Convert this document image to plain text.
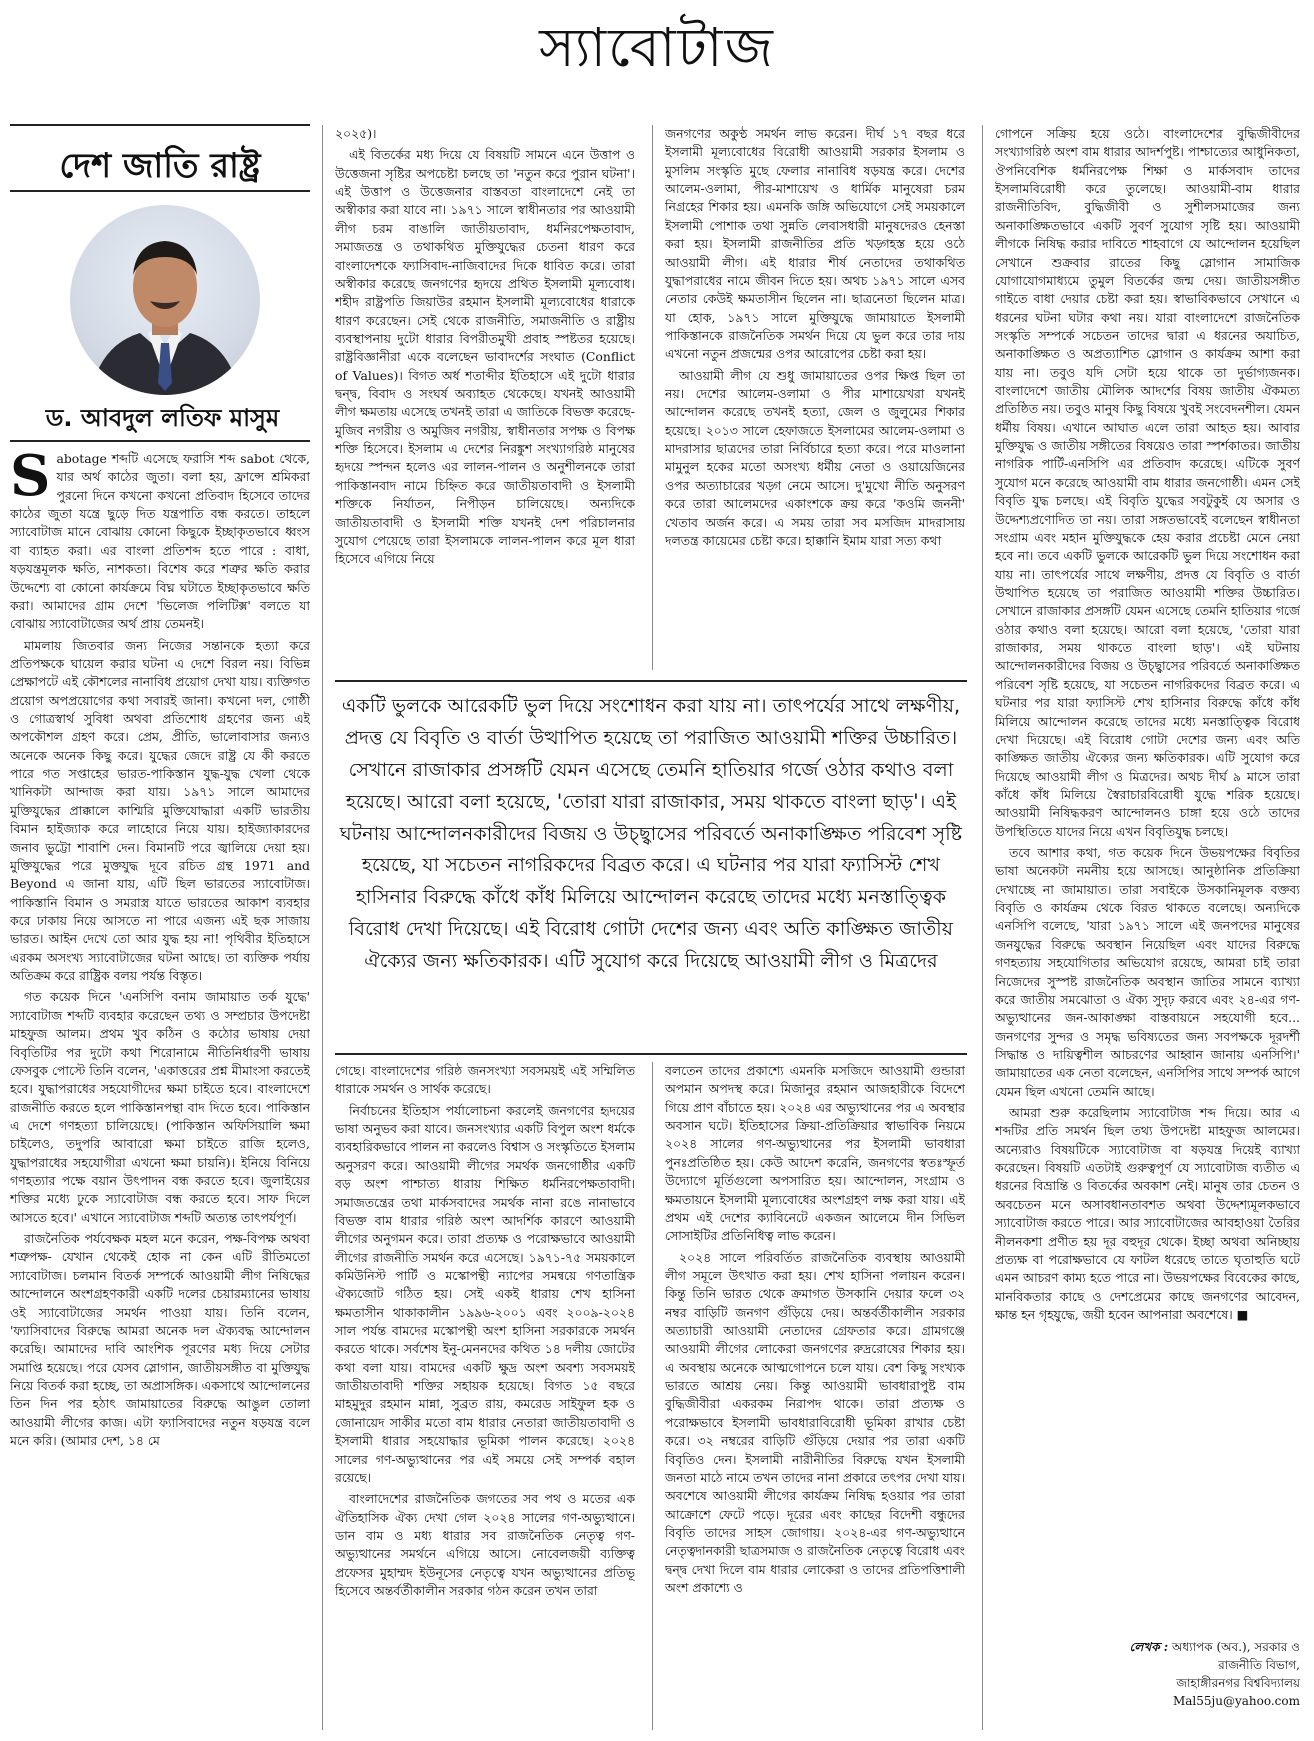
স্যাবোটাজ
দেশ জাতি রাষ্ট্র
ড. আবদুল লতিফ মাসুম

Sabotage শব্দটি এসেছে ফরাসি শব্দ sabot থেকে, যার অর্থ কাঠের জুতা। বলা হয়, ফ্রান্সে শ্রমিকরা পুরনো দিনে কখনো কখনো প্রতিবাদ হিসেবে তাদের কাঠের জুতা যন্ত্রে ছুড়ে দিত যন্ত্রপাতি বন্ধ করতে। তাহলে স্যাবোটাজ মানে বোঝায় কোনো কিছুকে ইচ্ছাকৃতভাবে ধ্বংস বা ব্যাহত করা। এর বাংলা প্রতিশব্দ হতে পারে : বাধা, ষড়যন্ত্রমূলক ক্ষতি, নাশকতা। বিশেষ করে শত্রুর ক্ষতি করার উদ্দেশ্যে বা কোনো কার্যক্রমে বিঘ্ন ঘটাতে ইচ্ছাকৃতভাবে ক্ষতি করা। আমাদের গ্রাম দেশে 'ভিলেজ পলিটিক্স' বলতে যা বোঝায় স্যাবোটাজের অর্থ প্রায় তেমনই।

মামলায় জিতবার জন্য নিজের সন্তানকে হত্যা করে প্রতিপক্ষকে ঘায়েল করার ঘটনা এ দেশে বিরল নয়। বিভিন্ন প্রেক্ষাপটে এই কৌশলের নানাবিধ প্রয়োগ দেখা যায়। ব্যক্তিগত প্রয়োগ অপপ্রয়োগের কথা সবারই জানা। কখনো দল, গোষ্ঠী ও গোত্রস্বার্থ সুবিধা অথবা প্রতিশোধ গ্রহণের জন্য এই অপকৌশল গ্রহণ করে। প্রেম, প্রীতি, ভালোবাসার জন্যও অনেকে অনেক কিছু করে। যুদ্ধের জেদে রাষ্ট্র যে কী করতে পারে গত সপ্তাহের ভারত-পাকিস্তান যুদ্ধ-যুদ্ধ খেলা থেকে খানিকটা আন্দাজ করা যায়। ১৯৭১ সালে আমাদের মুক্তিযুদ্ধের প্রাক্কালে কাশ্মিরি মুক্তিযোদ্ধারা একটি ভারতীয় বিমান হাইজ্যাক করে লাহোরে নিয়ে যায়। হাইজ্যাকারদের জনাব ভুট্টো শাবাশি দেন। বিমানটি পরে জ্বালিয়ে দেয়া হয়। মুক্তিযুদ্ধের পরে মুক্তযুদ্ধ দূবে রচিত গ্রন্থ 1971 and Beyond এ জানা যায়, এটি ছিল ভারতের স্যাবোটাজ। পাকিস্তানি বিমান ও সমরাস্ত্র যাতে ভারতের আকাশ ব্যবহার করে ঢাকায় নিয়ে আসতে না পারে এজন্য এই ছক সাজায় ভারত। আইন দেখে তো আর যুদ্ধ হয় না! পৃথিবীর ইতিহাসে এরকম অসংখ্য স্যাবোটাজের ঘটনা আছে। তা ব্যক্তিক পর্যায় অতিক্রম করে রাষ্ট্রিক বলয় পর্যন্ত বিস্তৃত।

গত কয়েক দিনে 'এনসিপি বনাম জামায়াত তর্ক যুদ্ধে' স্যাবোটাজ শব্দটি ব্যবহার করেছেন তথ্য ও সম্প্রচার উপদেষ্টা মাহফুজ আলম। প্রথম খুব কঠিন ও কঠোর ভাষায় দেয়া বিবৃতিটির পর দুটো কথা শিরোনামে নীতিনির্ধারণী ভাষায় ফেসবুক পোস্টে তিনি বলেন, 'একাত্তরের প্রশ্ন মীমাংসা করতেই হবে। যুদ্ধাপরাধের সহযোগীদের ক্ষমা চাইতে হবে। বাংলাদেশে রাজনীতি করতে হলে পাকিস্তানপন্থা বাদ দিতে হবে। পাকিস্তান এ দেশে গণহত্যা চালিয়েছে। (পাকিস্তান অফিসিয়ালি ক্ষমা চাইলেও, তদুপরি আবারো ক্ষমা চাইতে রাজি হলেও, যুদ্ধাপরাধের সহযোগীরা এখনো ক্ষমা চায়নি)। ইনিয়ে বিনিয়ে গণহত্যার পক্ষে বয়ান উৎপাদন বন্ধ করতে হবে। জুলাইয়ের শক্তির মধ্যে ঢুকে স্যাবোটাজ বন্ধ করতে হবে। সাফ দিলে আসতে হবে।' এখানে স্যাবোটাজ শব্দটি অত্যন্ত তাৎপর্যপূর্ণ।

রাজনৈতিক পর্যবেক্ষক মহল মনে করেন, পক্ষ-বিপক্ষ অথবা শত্রুপক্ষ- যেখান থেকেই হোক না কেন এটি রীতিমতো স্যাবোটাজ। চলমান বিতর্ক সম্পর্কে আওয়ামী লীগ নিষিদ্ধের আন্দোলনে অংশগ্রহণকারী একটি দলের চেয়ারম্যানের ভাষায় ওই স্যাবোটাজের সমর্থন পাওয়া যায়। তিনি বলেন, 'ফ্যাসিবাদের বিরুদ্ধে আমরা অনেক দল ঐক্যবদ্ধ আন্দোলন করেছি। আমাদের দাবি আংশিক পূরণের মধ্য দিয়ে সেটার সমাপ্তি হয়েছে। পরে যেসব স্লোগান, জাতীয়সঙ্গীত বা মুক্তিযুদ্ধ নিয়ে বিতর্ক করা হচ্ছে, তা অপ্রাসঙ্গিক। একসাথে আন্দোলনের তিন দিন পর হঠাৎ জামায়াতের বিরুদ্ধে আঙুল তোলা আওয়ামী লীগের কাজ। এটা ফ্যাসিবাদের নতুন ষড়যন্ত্র বলে মনে করি। (আমার দেশ, ১৪ মে

২০২৫)।

এই বিতর্কের মধ্য দিয়ে যে বিষয়টি সামনে এনে উত্তাপ ও উত্তেজনা সৃষ্টির অপচেষ্টা চলছে তা 'নতুন করে পুরান ঘটনা'। এই উত্তাপ ও উত্তেজনার বাস্তবতা বাংলাদেশে নেই তা অস্বীকার করা যাবে না। ১৯৭১ সালে স্বাধীনতার পর আওয়ামী লীগ চরম বাঙালি জাতীয়তাবাদ, ধর্মনিরপেক্ষতাবাদ, সমাজতন্ত্র ও তথাকথিত মুক্তিযুদ্ধের চেতনা ধারণ করে বাংলাদেশকে ফ্যাসিবাদ-নাজিবাদের দিকে ধাবিত করে। তারা অস্বীকার করেছে জনগণের হৃদয়ে প্রথিত ইসলামী মূল্যবোধ। শহীদ রাষ্ট্রপতি জিয়াউর রহমান ইসলামী মূল্যবোধের ধারাকে ধারণ করেছেন। সেই থেকে রাজনীতি, সমাজনীতি ও রাষ্ট্রীয় ব্যবস্থাপনায় দুটো ধারার বিপরীতমুখী প্রবাহ স্পষ্টতর হয়েছে। রাষ্ট্রবিজ্ঞানীরা একে বলেছেন ভাবাদর্শের সংঘাত (Conflict of Values)। বিগত অর্ধ শতাব্দীর ইতিহাসে এই দুটো ধারার দ্বন্দ্ব, বিবাদ ও সংঘর্ষ অব্যাহত থেকেছে। যখনই আওয়ামী লীগ ক্ষমতায় এসেছে তখনই তারা এ জাতিকে বিভক্ত করেছে- মুজিব নগরীয় ও অমুজিব নগরীয়, স্বাধীনতার সপক্ষ ও বিপক্ষ শক্তি হিসেবে। ইসলাম এ দেশের নিরঙ্কুশ সংখ্যাগরিষ্ঠ মানুষের হৃদয়ে স্পন্দন হলেও এর লালন-পালন ও অনুশীলনকে তারা পাকিস্তানবাদ নামে চিহ্নিত করে জাতীয়তাবাদী ও ইসলামী শক্তিকে নির্যাতন, নিপীড়ন চালিয়েছে। অন্যদিকে জাতীয়তাবাদী ও ইসলামী শক্তি যখনই দেশ পরিচালনার সুযোগ পেয়েছে তারা ইসলামকে লালন-পালন করে মূল ধারা হিসেবে এগিয়ে নিয়ে

জনগণের অকুণ্ঠ সমর্থন লাভ করেন। দীর্ঘ ১৭ বছর ধরে ইসলামী মূল্যবোধের বিরোধী আওয়ামী সরকার ইসলাম ও মুসলিম সংস্কৃতি মুছে ফেলার নানাবিধ ষড়যন্ত্র করে। দেশের আলেম-ওলামা, পীর-মাশায়েখ ও ধার্মিক মানুষেরা চরম নিগ্রহের শিকার হয়। এমনকি জঙ্গি অভিযোগে সেই সময়কালে ইসলামী পোশাক তথা সুন্নতি লেবাসধারী মানুষদেরও হেনস্তা করা হয়। ইসলামী রাজনীতির প্রতি খড়্গহস্ত হয়ে ওঠে আওয়ামী লীগ। এই ধারার শীর্ষ নেতাদের তথাকথিত যুদ্ধাপরাধের নামে জীবন দিতে হয়। অথচ ১৯৭১ সালে এসব নেতার কেউই ক্ষমতাসীন ছিলেন না। ছাত্রনেতা ছিলেন মাত্র। যা হোক, ১৯৭১ সালে মুক্তিযুদ্ধে জামায়াতে ইসলামী পাকিস্তানকে রাজনৈতিক সমর্থন দিয়ে যে ভুল করে তার দায় এখনো নতুন প্রজন্মের ওপর আরোপের চেষ্টা করা হয়।

আওয়ামী লীগ যে শুধু জামায়াতের ওপর ক্ষিপ্ত ছিল তা নয়। দেশের আলেম-ওলামা ও পীর মাশায়েখরা যখনই আন্দোলন করেছে তখনই হত্যা, জেল ও জুলুমের শিকার হয়েছে। ২০১৩ সালে হেফাজতে ইসলামের আলেম-ওলামা ও মাদরাসার ছাত্রদের তারা নির্বিচারে হত্যা করে। পরে মাওলানা মামুনুল হকের মতো অসংখ্য ধর্মীয় নেতা ও ওয়ায়েজিনের ওপর অত্যাচারের খড়্গ নেমে আসে। দু'মুখো নীতি অনুসরণ করে তারা আলেমদের একাংশকে ক্রয় করে 'কওমি জননী' খেতাব অর্জন করে। এ সময় তারা সব মসজিদ মাদরাসায় দলতন্ত্র কায়েমের চেষ্টা করে। হাক্কানি ইমাম যারা সত্য কথা

একটি ভুলকে আরেকটি ভুল দিয়ে সংশোধন করা যায় না। তাৎপর্যের সাথে লক্ষণীয়, প্রদত্ত যে বিবৃতি ও বার্তা উত্থাপিত হয়েছে তা পরাজিত আওয়ামী শক্তির উচ্চারিত। সেখানে রাজাকার প্রসঙ্গটি যেমন এসেছে তেমনি হাতিয়ার গর্জে ওঠার কথাও বলা হয়েছে। আরো বলা হয়েছে, 'তোরা যারা রাজাকার, সময় থাকতে বাংলা ছাড়'। এই ঘটনায় আন্দোলনকারীদের বিজয় ও উচ্ছ্বাসের পরিবর্তে অনাকাঙ্ক্ষিত পরিবেশ সৃষ্টি হয়েছে, যা সচেতন নাগরিকদের বিব্রত করে। এ ঘটনার পর যারা ফ্যাসিস্ট শেখ হাসিনার বিরুদ্ধে কাঁধে কাঁধ মিলিয়ে আন্দোলন করেছে তাদের মধ্যে মনস্তাত্ত্বিক বিরোধ দেখা দিয়েছে। এই বিরোধ গোটা দেশের জন্য এবং অতি কাঙ্ক্ষিত জাতীয় ঐক্যের জন্য ক্ষতিকারক। এটি সুযোগ করে দিয়েছে আওয়ামী লীগ ও মিত্রদের

গেছে। বাংলাদেশের গরিষ্ঠ জনসংখ্যা সবসময়ই এই সম্মিলিত ধারাকে সমর্থন ও সার্থক করেছে।

নির্বাচনের ইতিহাস পর্যালোচনা করলেই জনগণের হৃদয়ের ভাষা অনুভব করা যাবে। জনসংখ্যার একটি বিপুল অংশ ধর্মকে ব্যবহারিকভাবে পালন না করলেও বিশ্বাস ও সংস্কৃতিতে ইসলাম অনুসরণ করে। আওয়ামী লীগের সমর্থক জনগোষ্ঠীর একটি বড় অংশ পাশ্চাত্য ধারায় শিক্ষিত ধর্মনিরপেক্ষতাবাদী। সমাজতন্ত্রের তথা মার্কসবাদের সমর্থক নানা রঙে নানাভাবে বিভক্ত বাম ধারার গরিষ্ঠ অংশ আদর্শিক কারণে আওয়ামী লীগের অনুগমন করে। তারা প্রত্যক্ষ ও পরোক্ষভাবে আওয়ামী লীগের রাজনীতি সমর্থন করে এসেছে। ১৯৭১-৭৫ সময়কালে কমিউনিস্ট পার্টি ও মস্কোপন্থী ন্যাপের সমন্বয়ে গণতান্ত্রিক ঐক্যজোট গঠিত হয়। সেই একই ধারায় শেখ হাসিনা ক্ষমতাসীন থাকাকালীন ১৯৯৬-২০০১ এবং ২০০৯-২০২৪ সাল পর্যন্ত বামদের মস্কোপন্থী অংশ হাসিনা সরকারকে সমর্থন করতে থাকে। সর্বশেষ ইনু-মেননদের কথিত ১৪ দলীয় জোটের কথা বলা যায়। বামদের একটি ক্ষুদ্র অংশ অবশ্য সবসময়ই জাতীয়তাবাদী শক্তির সহায়ক হয়েছে। বিগত ১৫ বছরে মাহমুদুর রহমান মান্না, সুব্রত রায়, কমরেড সাইফুল হক ও জোনায়েদ সাকীর মতো বাম ধারার নেতারা জাতীয়তাবাদী ও ইসলামী ধারার সহযোদ্ধার ভূমিকা পালন করেছে। ২০২৪ সালের গণ-অভ্যুত্থানের পর এই সময়ে সেই সম্পর্ক বহাল রয়েছে।

বাংলাদেশের রাজনৈতিক জগতের সব পথ ও মতের এক ঐতিহাসিক ঐক্য দেখা গেল ২০২৪ সালের গণ-অভ্যুত্থানে। ডান বাম ও মধ্য ধারার সব রাজনৈতিক নেতৃত্ব গণ-অভ্যুত্থানের সমর্থনে এগিয়ে আসে। নোবেলজয়ী ব্যক্তিত্ব প্রফেসর মুহাম্মদ ইউনূসের নেতৃত্বে যখন অভ্যুত্থানের প্রতিভূ হিসেবে অন্তর্বর্তীকালীন সরকার গঠন করেন তখন তারা

বলতেন তাদের প্রকাশ্যে এমনকি মসজিদে আওয়ামী গুন্ডারা অপমান অপদস্থ করে। মিজানুর রহমান আজহারীকে বিদেশে গিয়ে প্রাণ বাঁচাতে হয়। ২০২৪ এর অভ্যুত্থানের পর এ অবস্থার অবসান ঘটে। ইতিহাসের ক্রিয়া-প্রতিক্রিয়ার স্বাভাবিক নিয়মে ২০২৪ সালের গণ-অভ্যুত্থানের পর ইসলামী ভাবধারা পুনঃপ্রতিষ্ঠিত হয়। কেউ আদেশ করেনি, জনগণের স্বতঃস্ফূর্ত উদ্যোগে মূর্তিগুলো অপসারিত হয়। আন্দোলন, সংগ্রাম ও ক্ষমতায়নে ইসলামী মূল্যবোধের অংশগ্রহণ লক্ষ করা যায়। এই প্রথম এই দেশের ক্যাবিনেটে একজন আলেমে দীন সিভিল সোসাইটির প্রতিনিধিত্ব লাভ করেন।

২০২৪ সালে পরিবর্তিত রাজনৈতিক ব্যবস্থায় আওয়ামী লীগ সমূলে উৎখাত করা হয়। শেখ হাসিনা পলায়ন করেন। কিন্তু তিনি ভারত থেকে ক্রমাগত উসকানি দেয়ার ফলে ৩২ নম্বর বাড়িটি জনগণ গুঁড়িয়ে দেয়। অন্তর্বর্তীকালীন সরকার অত্যাচারী আওয়ামী নেতাদের গ্রেফতার করে। গ্রামগঞ্জে আওয়ামী লীগের লোকেরা জনগণের রুদ্ররোষের শিকার হয়। এ অবস্থায় অনেকে আত্মগোপনে চলে যায়। বেশ কিছু সংখ্যক ভারতে আশ্রয় নেয়। কিন্তু আওয়ামী ভাবধারাপুষ্ট বাম বুদ্ধিজীবীরা একরকম নিরাপদ থাকে। তারা প্রত্যক্ষ ও পরোক্ষভাবে ইসলামী ভাবধারাবিরোধী ভূমিকা রাখার চেষ্টা করে। ৩২ নম্বরের বাড়িটি গুঁড়িয়ে দেয়ার পর তারা একটি বিবৃতিও দেন। ইসলামী নারীনীতির বিরুদ্ধে যখন ইসলামী জনতা মাঠে নামে তখন তাদের নানা প্রকারে তৎপর দেখা যায়। অবশেষে আওয়ামী লীগের কার্যক্রম নিষিদ্ধ হওয়ার পর তারা আক্রোশে ফেটে পড়ে। দূরের এবং কাছের বিদেশী বন্ধুদের বিবৃতি তাদের সাহস জোগায়। ২০২৪-এর গণ-অভ্যুত্থানে নেতৃত্বদানকারী ছাত্রসমাজ ও রাজনৈতিক নেতৃত্বে বিরোধ এবং দ্বন্দ্ব দেখা দিলে বাম ধারার লোকেরা ও তাদের প্রতিপত্তিশালী অংশ প্রকাশ্যে ও

গোপনে সক্রিয় হয়ে ওঠে। বাংলাদেশের বুদ্ধিজীবীদের সংখ্যাগরিষ্ঠ অংশ বাম ধারার আদর্শপুষ্ট। পাশ্চাত্যের আধুনিকতা, ঔপনিবেশিক ধর্মনিরপেক্ষ শিক্ষা ও মার্কসবাদ তাদের ইসলামবিরোধী করে তুলেছে। আওয়ামী-বাম ধারার রাজনীতিবিদ, বুদ্ধিজীবী ও সুশীলসমাজের জন্য অনাকাঙ্ক্ষিতভাবে একটি সুবর্ণ সুযোগ সৃষ্টি হয়। আওয়ামী লীগকে নিষিদ্ধ করার দাবিতে শাহবাগে যে আন্দোলন হয়েছিল সেখানে শুক্রবার রাতের কিছু স্লোগান সামাজিক যোগাযোগমাধ্যমে তুমুল বিতর্কের জন্ম দেয়। জাতীয়সঙ্গীত গাইতে বাধা দেয়ার চেষ্টা করা হয়। স্বাভাবিকভাবে সেখানে এ ধরনের ঘটনা ঘটার কথা নয়। যারা বাংলাদেশে রাজনৈতিক সংস্কৃতি সম্পর্কে সচেতন তাদের দ্বারা এ ধরনের অযাচিত, অনাকাঙ্ক্ষিত ও অপ্রত্যাশিত স্লোগান ও কার্যক্রম আশা করা যায় না। তবুও যদি সেটা হয়ে থাকে তা দুর্ভাগ্যজনক। বাংলাদেশে জাতীয় মৌলিক আদর্শের বিষয় জাতীয় ঐকমত্য প্রতিষ্ঠিত নয়। তবুও মানুষ কিছু বিষয়ে খুবই সংবেদনশীল। যেমন ধর্মীয় বিষয়। এখানে আঘাত এলে তারা আহত হয়। আবার মুক্তিযুদ্ধ ও জাতীয় সঙ্গীতের বিষয়েও তারা স্পর্শকাতর। জাতীয় নাগরিক পার্টি-এনসিপি এর প্রতিবাদ করেছে। এটিকে সুবর্ণ সুযোগ মনে করেছে আওয়ামী বাম ধারার জনগোষ্ঠী। এমন সেই বিবৃতি যুদ্ধ চলছে। এই বিবৃতি যুদ্ধের সবটুকুই যে অসার ও উদ্দেশ্যপ্রণোদিত তা নয়। তারা সঙ্গতভাবেই বলেছেন স্বাধীনতা সংগ্রাম এবং মহান মুক্তিযুদ্ধকে হেয় করার প্রচেষ্টা মেনে নেয়া হবে না। তবে একটি ভুলকে আরেকটি ভুল দিয়ে সংশোধন করা যায় না। তাৎপর্যের সাথে লক্ষণীয়, প্রদত্ত যে বিবৃতি ও বার্তা উত্থাপিত হয়েছে তা পরাজিত আওয়ামী শক্তির উচ্চারিত। সেখানে রাজাকার প্রসঙ্গটি যেমন এসেছে তেমনি হাতিয়ার গর্জে ওঠার কথাও বলা হয়েছে। আরো বলা হয়েছে, 'তোরা যারা রাজাকার, সময় থাকতে বাংলা ছাড়'। এই ঘটনায় আন্দোলনকারীদের বিজয় ও উচ্ছ্বাসের পরিবর্তে অনাকাঙ্ক্ষিত পরিবেশ সৃষ্টি হয়েছে, যা সচেতন নাগরিকদের বিব্রত করে। এ ঘটনার পর যারা ফ্যাসিস্ট শেখ হাসিনার বিরুদ্ধে কাঁধে কাঁধ মিলিয়ে আন্দোলন করেছে তাদের মধ্যে মনস্তাত্ত্বিক বিরোধ দেখা দিয়েছে। এই বিরোধ গোটা দেশের জন্য এবং অতি কাঙ্ক্ষিত জাতীয় ঐক্যের জন্য ক্ষতিকারক। এটি সুযোগ করে দিয়েছে আওয়ামী লীগ ও মিত্রদের। অথচ দীর্ঘ ৯ মাসে তারা কাঁধে কাঁধ মিলিয়ে স্বৈরাচারবিরোধী যুদ্ধে শরিক হয়েছে। আওয়ামী নিষিদ্ধকরণ আন্দোলনও চাঙ্গা হয়ে ওঠে তাদের উপস্থিতিতে যাদের নিয়ে এখন বিবৃতিযুদ্ধ চলছে।

তবে আশার কথা, গত কয়েক দিনে উভয়পক্ষের বিবৃতির ভাষা অনেকটা নমনীয় হয়ে আসছে। আনুষ্ঠানিক প্রতিক্রিয়া দেখাচ্ছে না জামায়াত। তারা সবাইকে উসকানিমূলক বক্তব্য বিবৃতি ও কার্যক্রম থেকে বিরত থাকতে বলেছে। অন্যদিকে এনসিপি বলেছে, 'যারা ১৯৭১ সালে এই জনপদের মানুষের জনযুদ্ধের বিরুদ্ধে অবস্থান নিয়েছিল এবং যাদের বিরুদ্ধে গণহত্যায় সহযোগিতার অভিযোগ রয়েছে, আমরা চাই তারা নিজেদের সুস্পষ্ট রাজনৈতিক অবস্থান জাতির সামনে ব্যাখ্যা করে জাতীয় সমঝোতা ও ঐক্য সুদৃঢ় করবে এবং ২৪-এর গণ-অভ্যুত্থানের জন-আকাঙ্ক্ষা বাস্তবায়নে সহযোগী হবে... জনগণের সুন্দর ও সমৃদ্ধ ভবিষ্যতের জন্য সবপক্ষকে দূরদর্শী সিদ্ধান্ত ও দায়িত্বশীল আচরণের আহ্বান জানায় এনসিপি।' জামায়াতের এক নেতা বলেছেন, এনসিপির সাথে সম্পর্ক আগে যেমন ছিল এখনো তেমনি আছে।

আমরা শুরু করেছিলাম স্যাবোটাজ শব্দ দিয়ে। আর এ শব্দটির প্রতি সমর্থন ছিল তথ্য উপদেষ্টা মাহফুজ আলমের। অন্যেরাও বিষয়টিকে স্যাবোটাজ বা ষড়যন্ত্র দিয়েই ব্যাখ্যা করেছেন। বিষয়টি এতটাই গুরুত্বপূর্ণ যে স্যাবোটাজ ব্যতীত এ ধরনের বিভ্রান্তি ও বিতর্কের অবকাশ নেই। মানুষ তার চেতন ও অবচেতন মনে অসাবধানতাবশত অথবা উদ্দেশ্যমূলকভাবে স্যাবোটাজ করতে পারে। আর স্যাবোটাজের আবহাওয়া তৈরির নীলনকশা প্রণীত হয় দূর বহুদূর থেকে। ইচ্ছা অথবা অনিচ্ছায় প্রত্যক্ষ বা পরোক্ষভাবে যে ফাটল ধরেছে তাতে ঘৃতাহুতি ঘটে এমন আচরণ কাম্য হতে পারে না। উভয়পক্ষের বিবেকের কাছে, মানবিকতার কাছে ও দেশপ্রেমের কাছে জনগণের আবেদন, ক্ষান্ত হন গৃহযুদ্ধে, জয়ী হবেন আপনারা অবশেষে। ■

লেখক : অধ্যাপক (অব.), সরকার ও
রাজনীতি বিভাগ,
জাহাঙ্গীরনগর বিশ্ববিদ্যালয়
Mal55ju@yahoo.com
